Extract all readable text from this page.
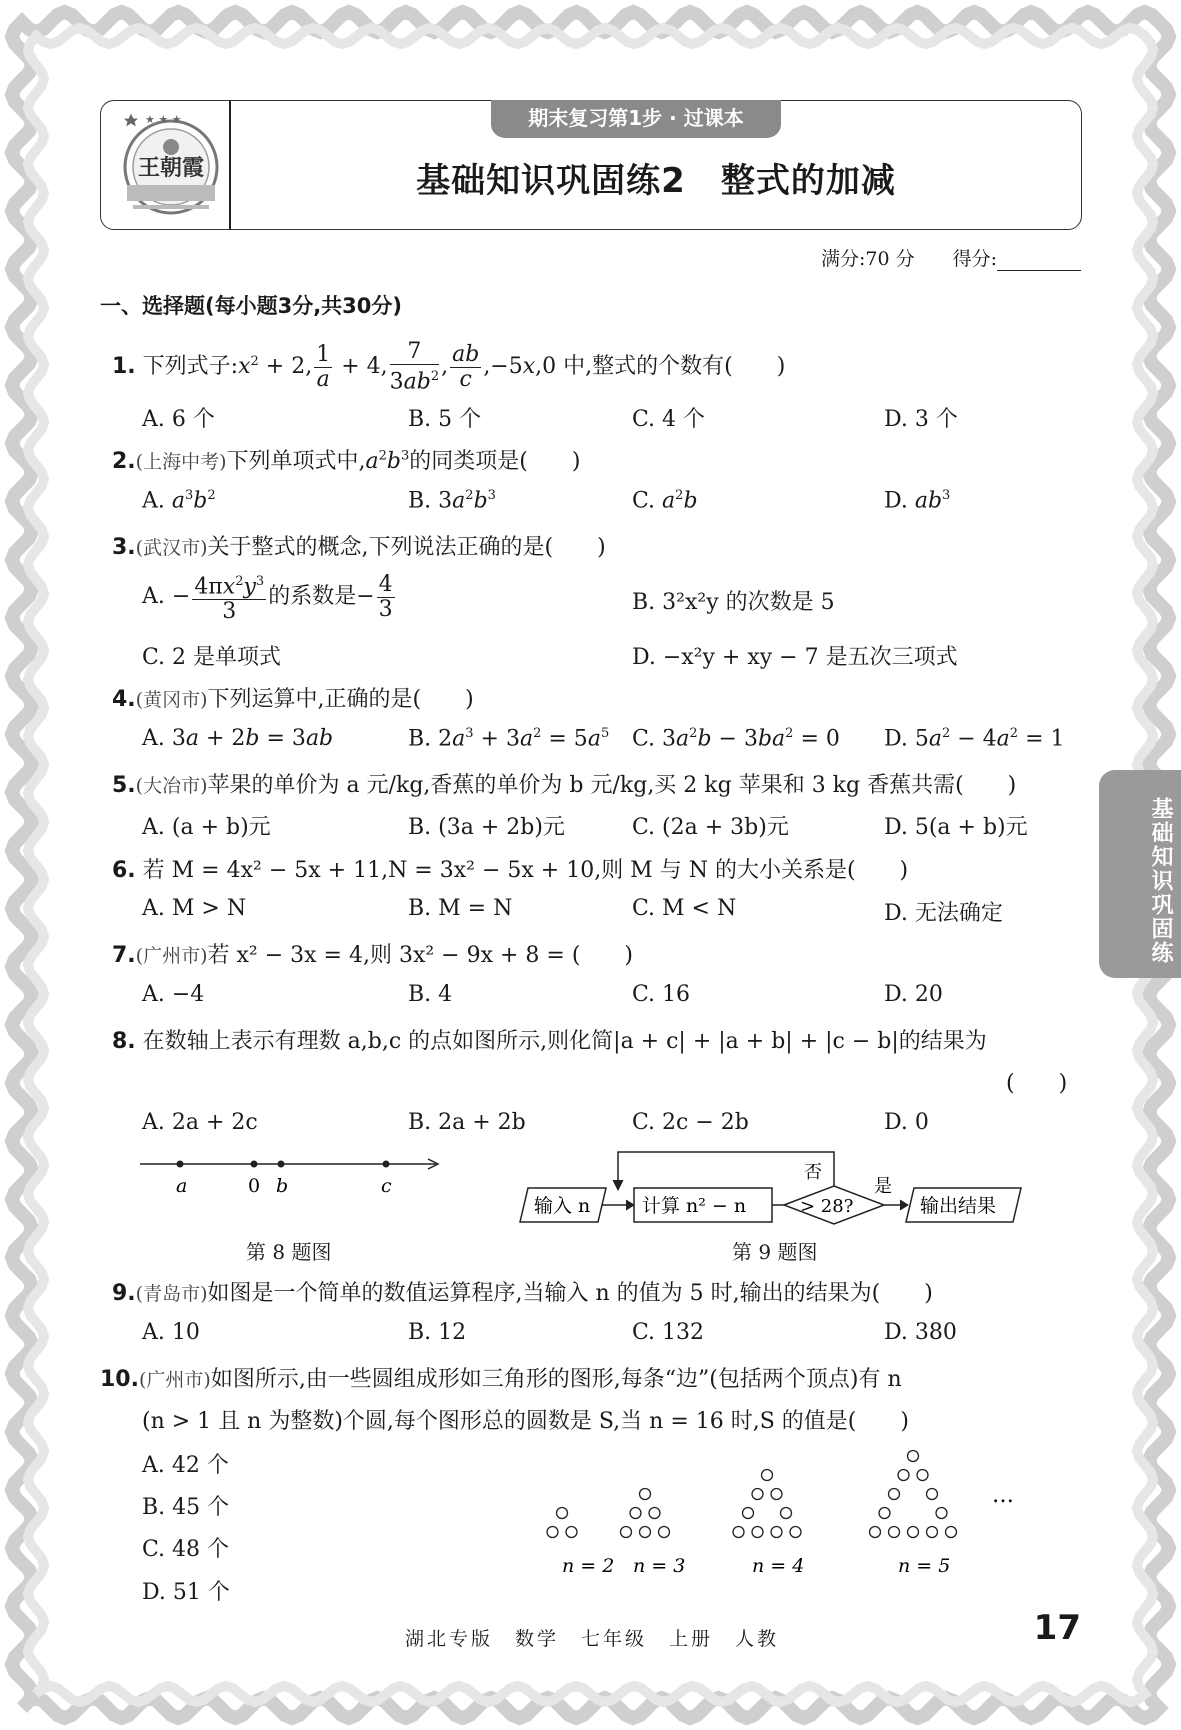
★ ★ ★
王朝霞
期末复习第1步 · 过课本
基础知识巩固练2　整式的加减
满分:70 分　　 得分:
基础知识巩固练
一、选择题(每小题3分,共30分)
1. 下列式子$:x^2 + 2$, $\frac{1}{a} + 4$, $\frac{7}{3ab^2}$ , $\frac{ab}{c} ,-5x,0$ 中,整式的个数有(　　)
A. 6 个	B. 5 个	C. 4 个	D. 3 个
2.(上海中考)下列单项式中$,a^2b^3$的同类项是(　　)
A. $a^3b^2$	B. $3a^2b^3$	C. $a^2b$	D. $ab^3$
3.(武汉市)关于整式的概念,下列说法正确的是(　　)
A. − $\frac{4\pi x^2y^3}{3}$ 的系数是− $\frac{4}{3}$	B. 3²x²y 的次数是 5
C. 2 是单项式	D. −x²y + xy − 7 是五次三项式
4.(黄冈市)下列运算中,正确的是(　　)
A. 3a + 2b = 3ab	B. $2a^3 + 3a^2 = 5a^5$ C. $3a^2b - 3ba^2 = 0$ D. $5a^2 - 4a^2 = 1$
5.(大冶市)苹果的单价为 a 元/kg,香蕉的单价为 b 元/kg,买 2 kg 苹果和 3 kg 香蕉共需(　　)
A. (a + b)元	B. (3a + 2b)元	C. (2a + 3b)元	D. 5(a + b)元
6. 若 M = 4x² − 5x + 11,N = 3x² − 5x + 10,则 M 与 N 的大小关系是(　　)
A. M > N	B. M = N	C. M < N	D. 无法确定
7.(广州市)若 x² − 3x = 4,则 3x² − 9x + 8 = (　　)
A. −4	B. 4	C. 16	D. 20
8. 在数轴上表示有理数 a,b,c 的点如图所示,则化简|a + c| + |a + b| + |c − b|的结果为
(　　)
A. 2a + 2c	B. 2a + 2b	C. 2c − 2b	D. 0
a	0 b	c
第 8 题图
输入 n	计算 n² − n	> 28?
否
是
输出结果
第 9 题图
9.(青岛市)如图是一个简单的数值运算程序,当输入 n 的值为 5 时,输出的结果为(　　)
A. 10	B. 12	C. 132	D. 380
10.(广州市)如图所示,由一些圆组成形如三角形的图形,每条“边”(包括两个顶点)有 n
(n > 1 且 n 为整数)个圆,每个图形总的圆数是 S,当 n = 16 时,S 的值是(　　)
A. 42 个
B. 45 个
C. 48 个
D. 51 个
n = 2 n = 3	n = 4	n = 5
…
湖北专版　数学　七年级　上册　人教	17
